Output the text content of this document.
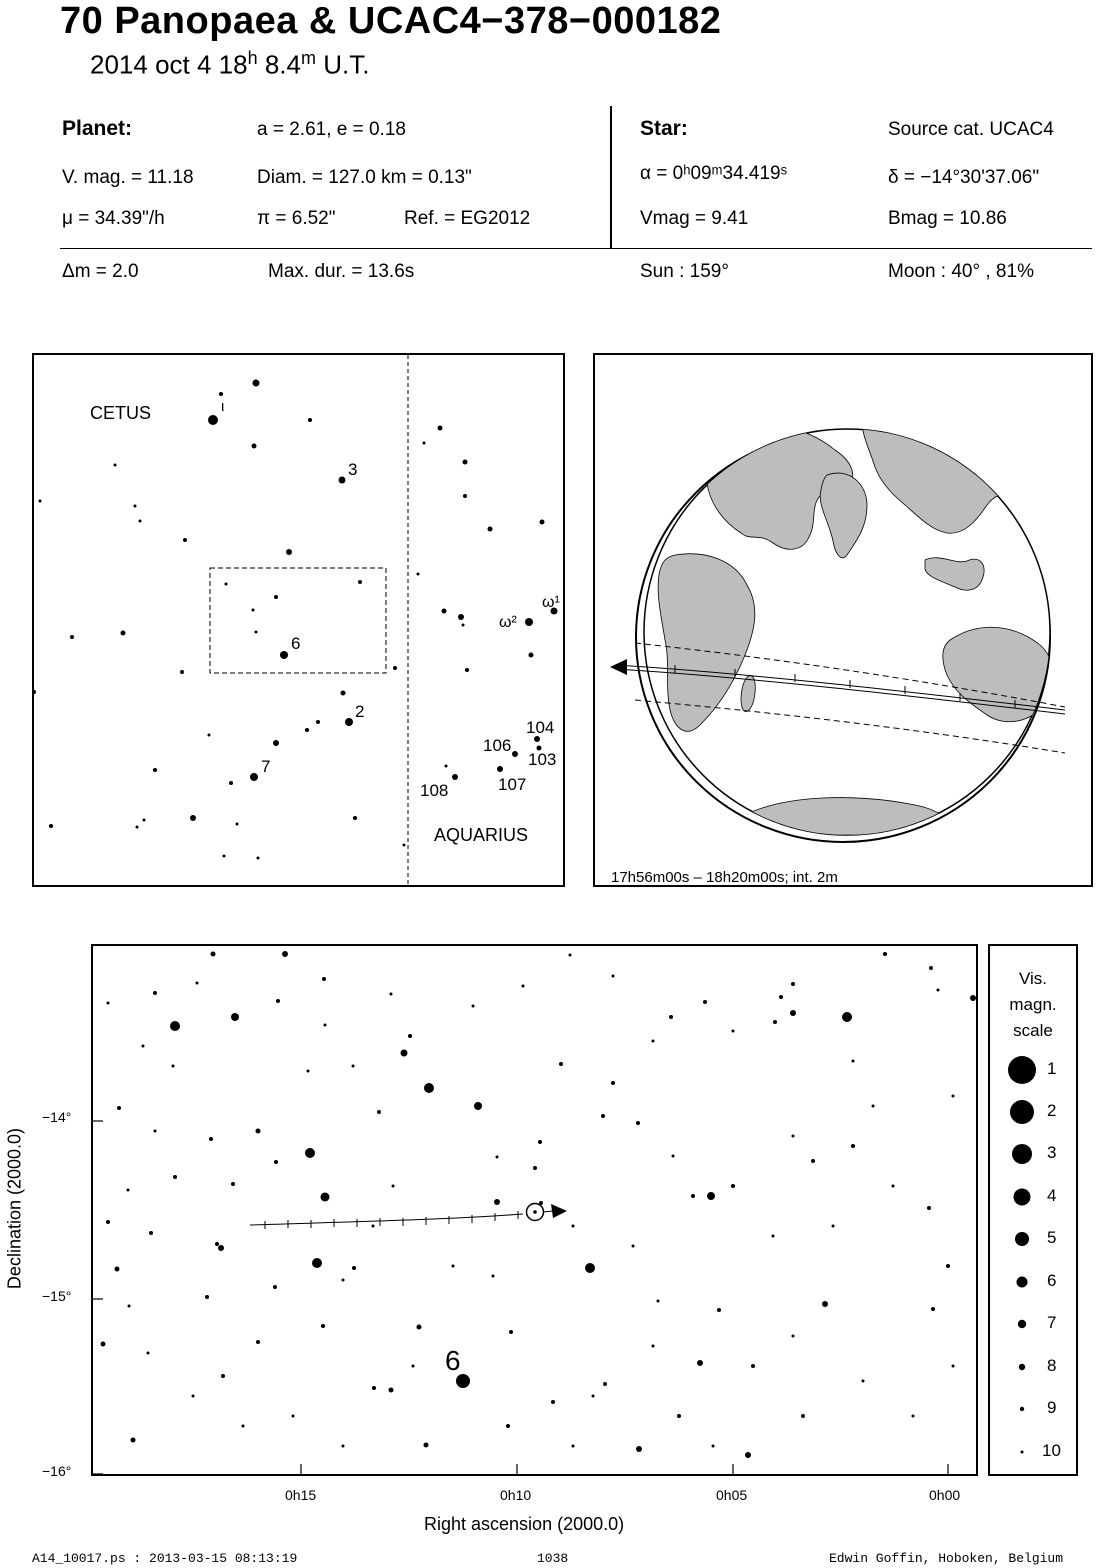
70 Panopaea & UCAC4−378−000182
2014 oct 4 18$^h$ 8.4$^m$ U.T.
Planet:	a = 2.61, e = 0.18
V. mag. = 11.18	Diam. = 127.0 km = 0.13"
μ = 34.39"/h	π = 6.52"	Ref. = EG2012
Star:	Source cat. UCAC4
α = 0ʰ09ᵐ34.419ˢ	δ = −14°30'37.06"
Vmag = 9.41	Bmag = 10.86
Δm = 2.0	Max. dur. = 13.6s	Sun : 159°	Moon : 40° , 81%
CETUS
AQUARIUS
ι
3
6
2
7
ω²
ω¹
104
106
103
107
108
17h56m00s – 18h20m00s; int. 2m
6
−14°
−15°
−16°
0h15	0h10	0h05	0h00
Right ascension (2000.0)
Declination (2000.0)
Vis.
magn.
scale
1
2
3
4
5
6
7
8
9
10
A14_10017.ps : 2013-03-15 08:13:19	1038	Edwin Goffin, Hoboken, Belgium
